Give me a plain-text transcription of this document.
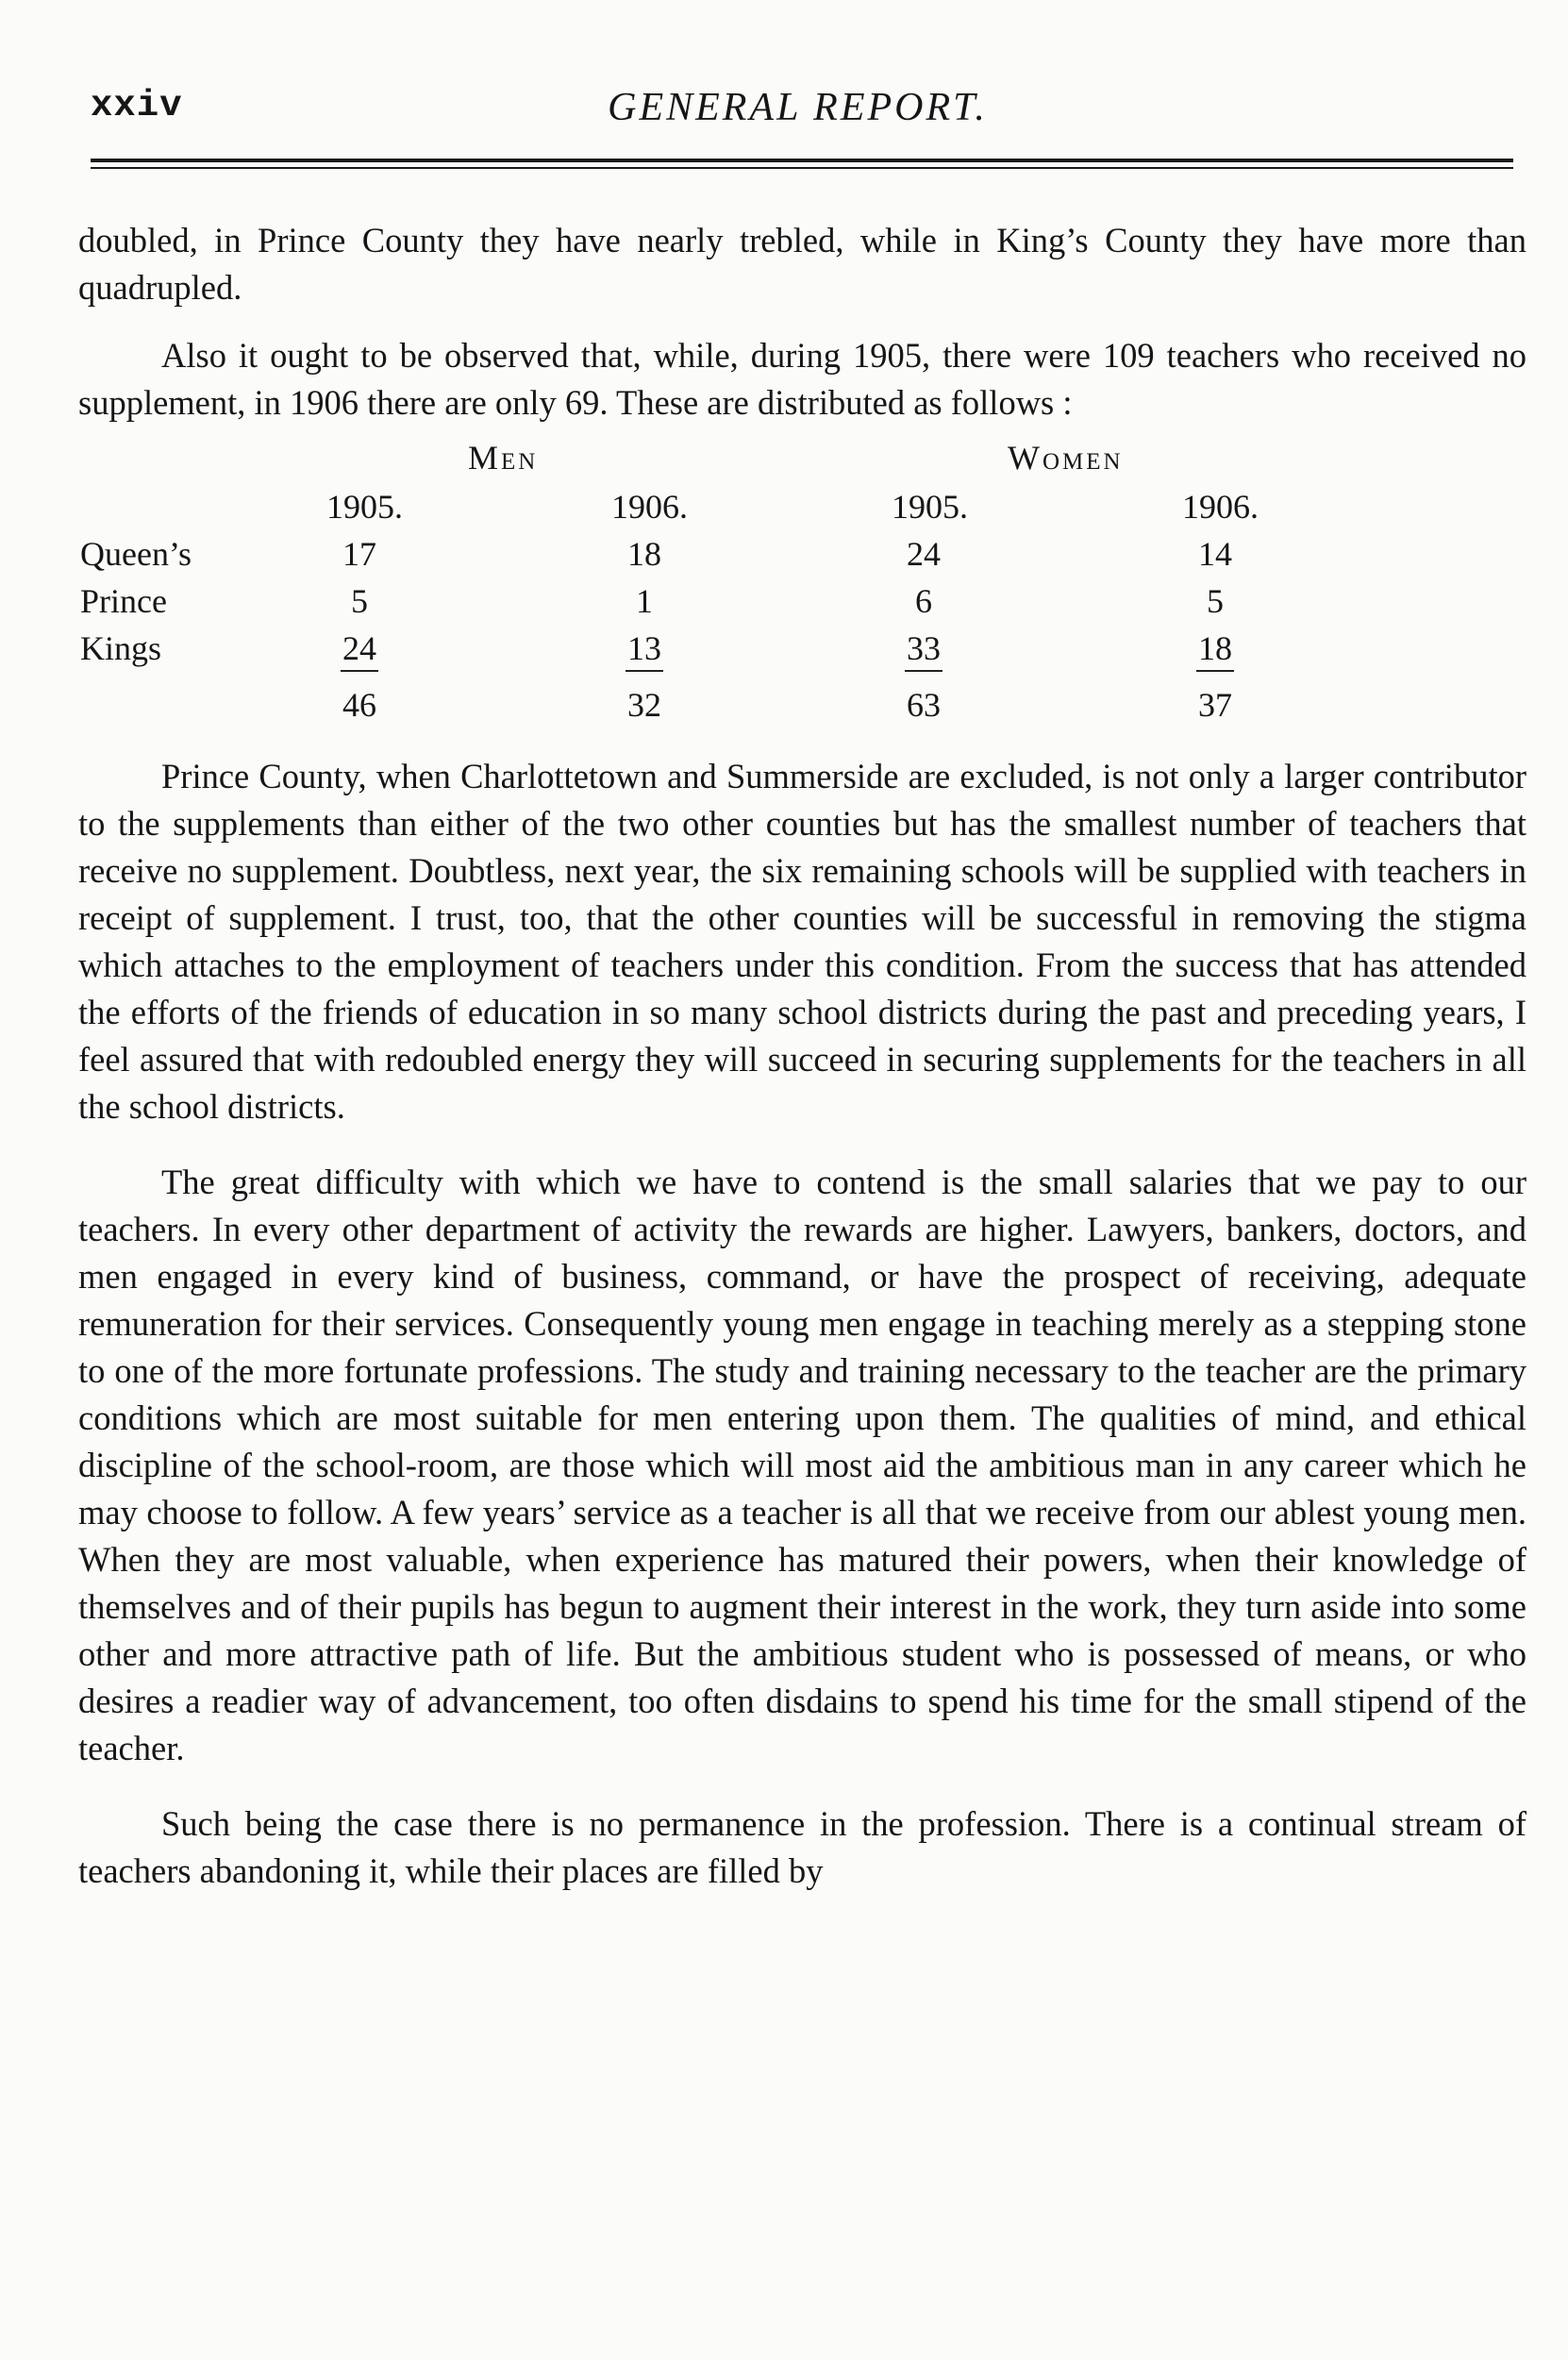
xxiv	GENERAL REPORT.

doubled, in Prince County they have nearly trebled, while in King’s County they have more than quadrupled.

Also it ought to be observed that, while, during 1905, there were 109 teachers who received no supplement, in 1906 there are only 69. These are distributed as follows :

Men	Women
1905.	1906.	1905.	1906.
Queen’s	17	18	24	14
Prince	5	1	6	5
Kings	24	13	33	18
46	32	63	37

Prince County, when Charlottetown and Summerside are excluded, is not only a larger contributor to the supplements than either of the two other counties but has the smallest number of teachers that receive no supplement. Doubtless, next year, the six remaining schools will be supplied with teachers in receipt of supplement. I trust, too, that the other counties will be successful in removing the stigma which attaches to the employment of teachers under this condition. From the success that has attended the efforts of the friends of education in so many school districts during the past and preceding years, I feel assured that with redoubled energy they will succeed in securing supplements for the teachers in all the school districts.

The great difficulty with which we have to contend is the small salaries that we pay to our teachers. In every other department of activity the rewards are higher. Lawyers, bankers, doctors, and men engaged in every kind of business, command, or have the prospect of receiving, adequate remuneration for their services. Consequently young men engage in teaching merely as a stepping stone to one of the more fortunate professions. The study and training necessary to the teacher are the primary conditions which are most suitable for men entering upon them. The qualities of mind, and ethical discipline of the school-room, are those which will most aid the ambitious man in any career which he may choose to follow. A few years’ service as a teacher is all that we receive from our ablest young men. When they are most valuable, when experience has matured their powers, when their knowledge of themselves and of their pupils has begun to augment their interest in the work, they turn aside into some other and more attractive path of life. But the ambitious student who is possessed of means, or who desires a readier way of advancement, too often disdains to spend his time for the small stipend of the teacher.

Such being the case there is no permanence in the profession. There is a continual stream of teachers abandoning it, while their places are filled by
